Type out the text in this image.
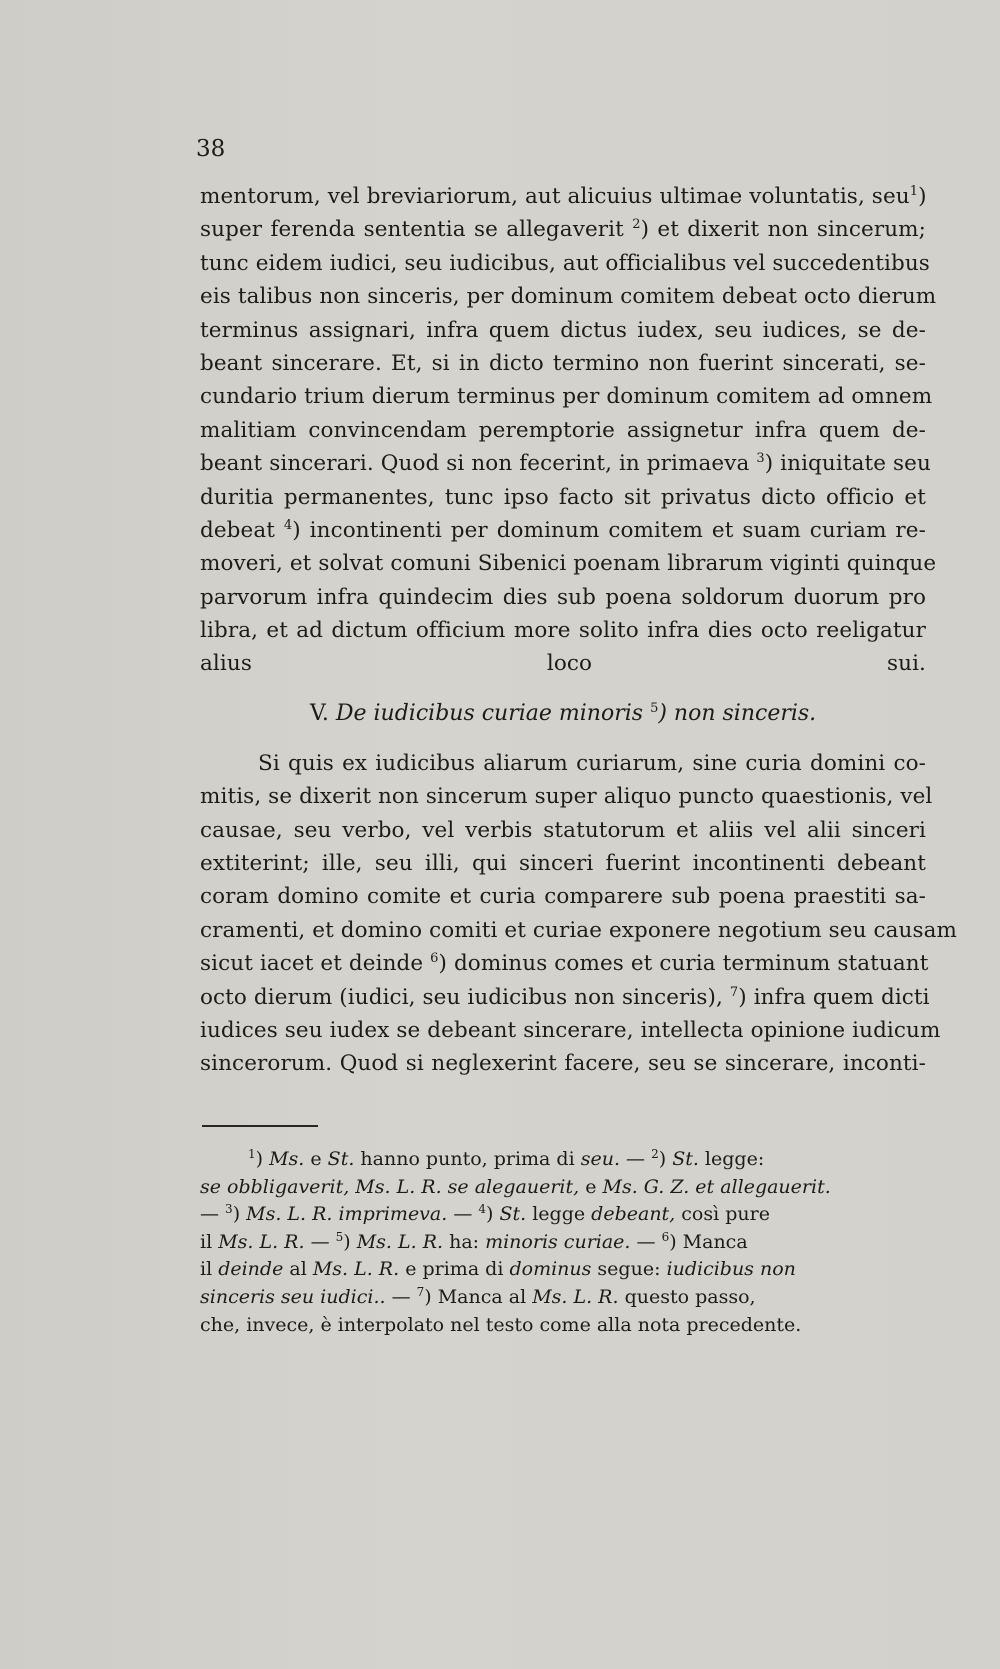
38
mentorum, vel breviariorum, aut alicuius ultimae voluntatis, seu $^1$)
super ferenda sententia se allegaverit $^2$) et dixerit non sincerum;
tunc eidem iudici, seu iudicibus, aut officialibus vel succedentibus
eis talibus non sinceris, per dominum comitem debeat octo dierum
terminus assignari, infra quem dictus iudex, seu iudices, se de-
beant sincerare. Et, si in dicto termino non fuerint sincerati, se-
cundario trium dierum terminus per dominum comitem ad omnem
malitiam convincendam peremptorie assignetur infra quem de-
beant sincerari. Quod si non fecerint, in primaeva $^3$) iniquitate seu
duritia permanentes, tunc ipso facto sit privatus dicto officio et
debeat $^4$) incontinenti per dominum comitem et suam curiam re-
moveri, et solvat comuni Sibenici poenam librarum viginti quinque
parvorum infra quindecim dies sub poena soldorum duorum pro
libra, et ad dictum officium more solito infra dies octo reeligatur
alius loco sui.
V. De iudicibus curiae minoris $^5$) non sinceris.
Si quis ex iudicibus aliarum curiarum, sine curia domini co-
mitis, se dixerit non sincerum super aliquo puncto quaestionis, vel
causae, seu verbo, vel verbis statutorum et aliis vel alii sinceri
extiterint; ille, seu illi, qui sinceri fuerint incontinenti debeant
coram domino comite et curia comparere sub poena praestiti sa-
cramenti, et domino comiti et curiae exponere negotium seu causam
sicut iacet et deinde $^6$) dominus comes et curia terminum statuant
octo dierum (iudici, seu iudicibus non sinceris), $^7$) infra quem dicti
iudices seu iudex se debeant sincerare, intellecta opinione iudicum
sincerorum. Quod si neglexerint facere, seu se sincerare, inconti-
$^1$) Ms. e St. hanno punto, prima di seu. — $^2$) St. legge:
se obbligaverit, Ms. L. R. se alegauerit, e Ms. G. Z. et allegauerit.
— $^3$) Ms. L. R. imprimeva. — $^4$) St. legge debeant, così pure
il Ms. L. R. — $^5$) Ms. L. R. ha: minoris curiae. — $^6$) Manca
il deinde al Ms. L. R. e prima di dominus segue: iudicibus non
sinceris seu iudici.. — $^7$) Manca al Ms. L. R. questo passo,
che, invece, è interpolato nel testo come alla nota precedente.
